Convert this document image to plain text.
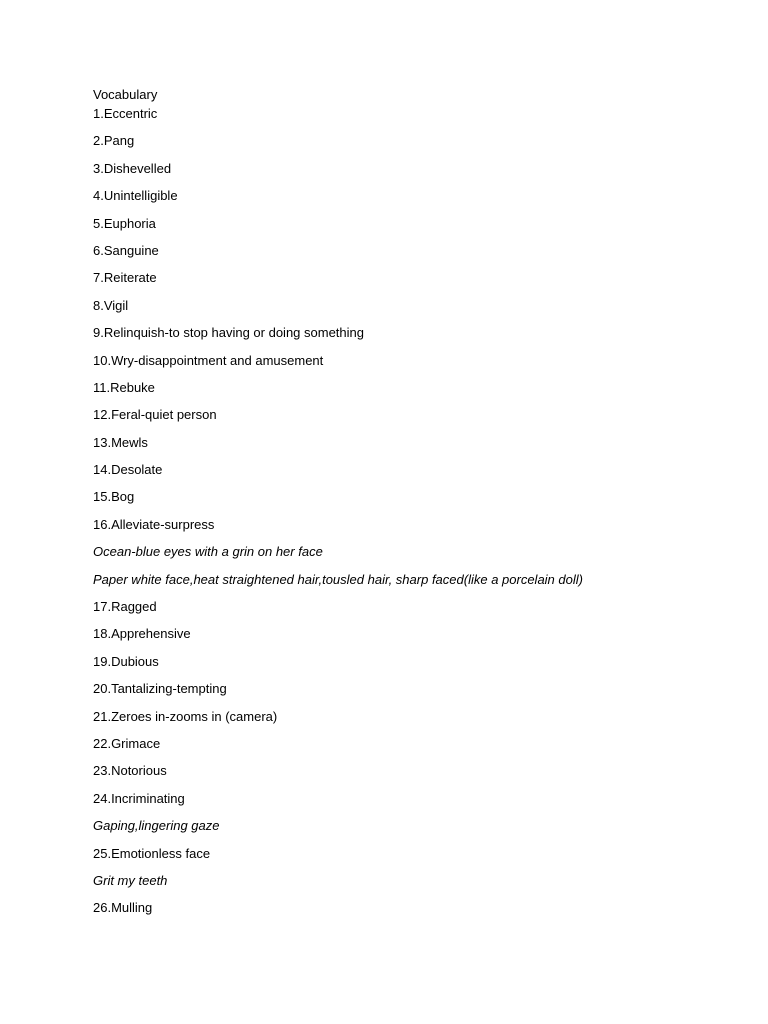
Vocabulary
1.Eccentric
2.Pang
3.Dishevelled
4.Unintelligible
5.Euphoria
6.Sanguine
7.Reiterate
8.Vigil
9.Relinquish-to stop having or doing something
10.Wry-disappointment and amusement
11.Rebuke
12.Feral-quiet person
13.Mewls
14.Desolate
15.Bog
16.Alleviate-surpress
Ocean-blue eyes with a grin on her face
Paper white face,heat straightened hair,tousled hair, sharp faced(like a porcelain doll)
17.Ragged
18.Apprehensive
19.Dubious
20.Tantalizing-tempting
21.Zeroes in-zooms in (camera)
22.Grimace
23.Notorious
24.Incriminating
Gaping,lingering gaze
25.Emotionless face
Grit my teeth
26.Mulling
